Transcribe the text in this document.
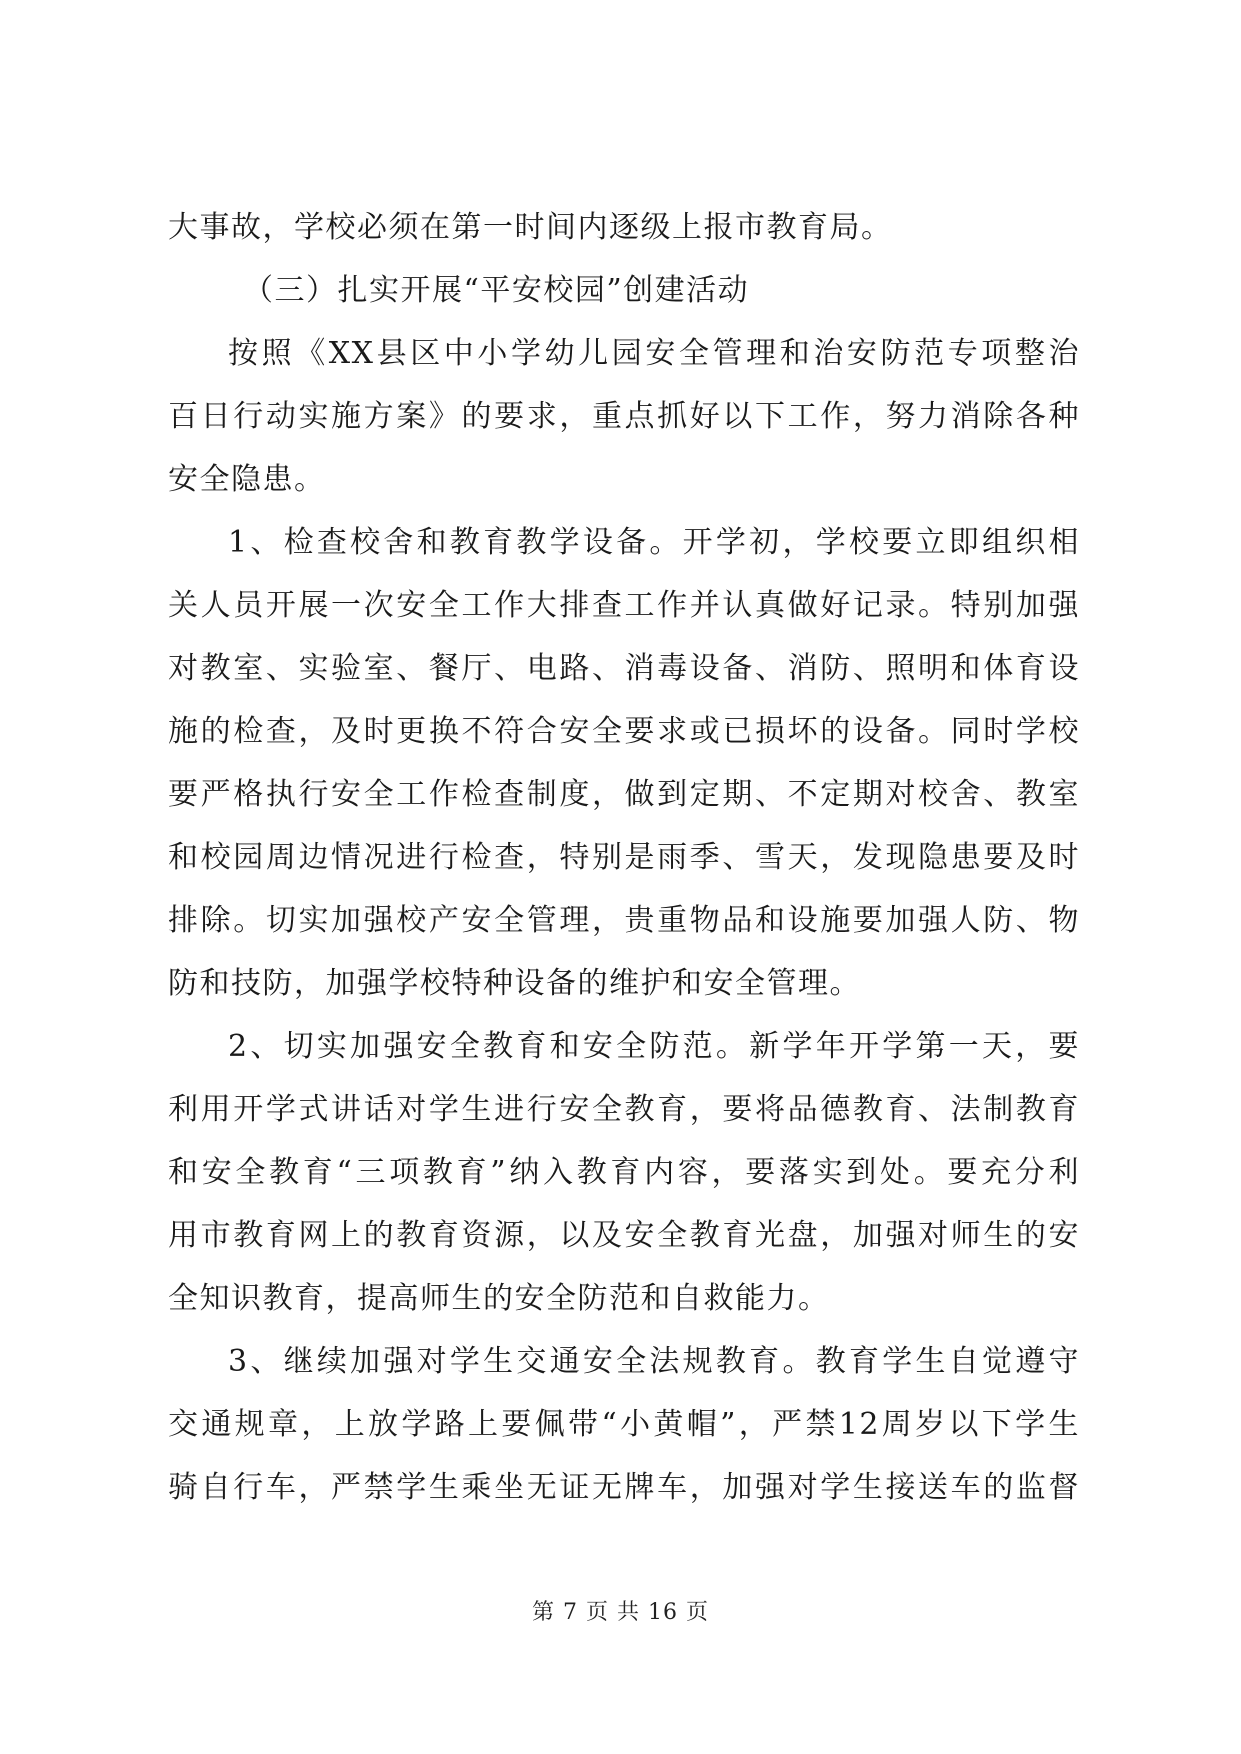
大事故，学校必须在第一时间内逐级上报市教育局。
（三）扎实开展“平安校园”创建活动
按照《XX县区中小学幼儿园安全管理和治安防范专项整治
百日行动实施方案》的要求，重点抓好以下工作，努力消除各种
安全隐患。
1、检查校舍和教育教学设备。开学初，学校要立即组织相
关人员开展一次安全工作大排查工作并认真做好记录。特别加强
对教室、实验室、餐厅、电路、消毒设备、消防、照明和体育设
施的检查，及时更换不符合安全要求或已损坏的设备。同时学校
要严格执行安全工作检查制度，做到定期、不定期对校舍、教室
和校园周边情况进行检查，特别是雨季、雪天，发现隐患要及时
排除。切实加强校产安全管理，贵重物品和设施要加强人防、物
防和技防，加强学校特种设备的维护和安全管理。
2、切实加强安全教育和安全防范。新学年开学第一天，要
利用开学式讲话对学生进行安全教育，要将品德教育、法制教育
和安全教育“三项教育”纳入教育内容，要落实到处。要充分利
用市教育网上的教育资源，以及安全教育光盘，加强对师生的安
全知识教育，提高师生的安全防范和自救能力。
3、继续加强对学生交通安全法规教育。教育学生自觉遵守
交通规章，上放学路上要佩带“小黄帽”，严禁12周岁以下学生
骑自行车，严禁学生乘坐无证无牌车，加强对学生接送车的监督
第 7 页 共 16 页
